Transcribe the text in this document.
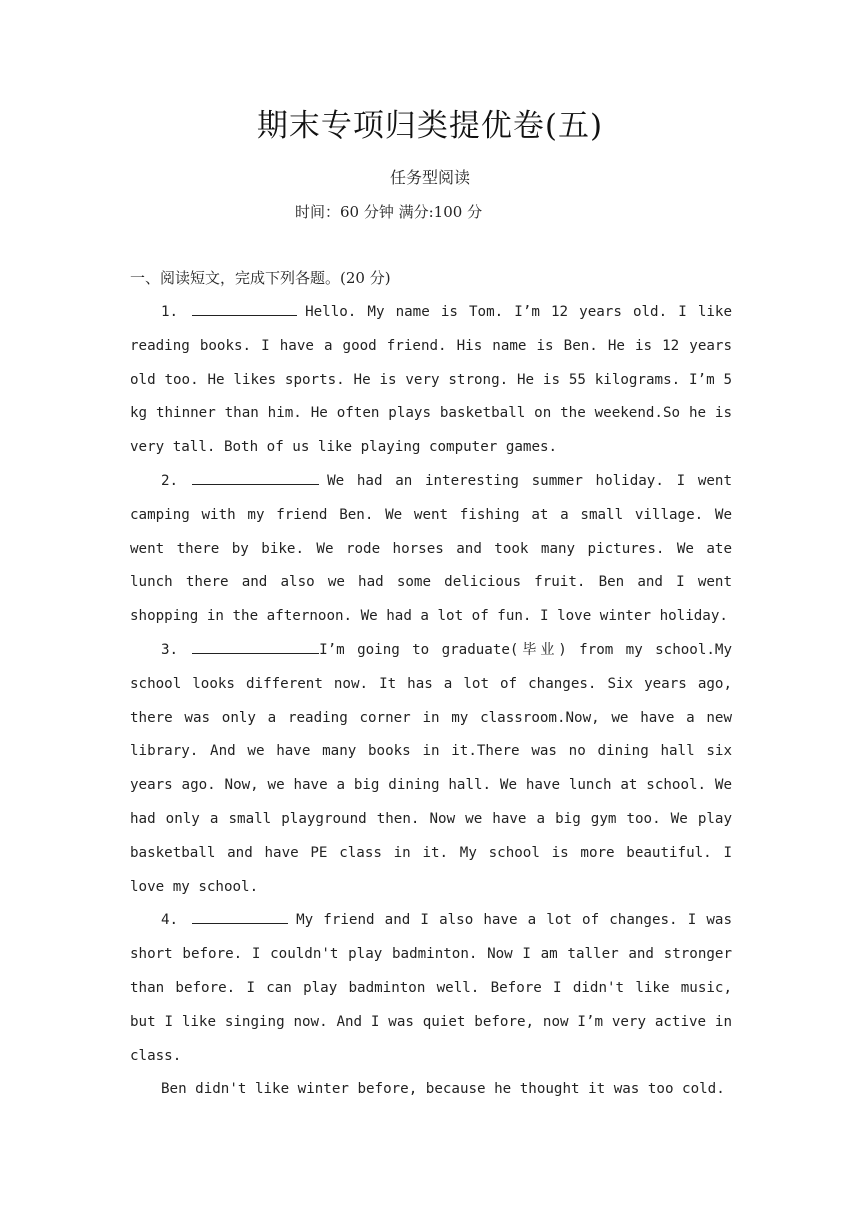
期末专项归类提优卷(五)
任务型阅读
时间：60 分钟 满分:100 分
一、阅读短文，完成下列各题。(20 分)

1.	Hello. My name is Tom. I’m 12 years old. I like reading books. I have a good friend. His name is Ben. He is 12 years old too. He likes sports. He is very strong. He is 55 kilograms. I’m 5 kg thinner than him. He often plays basketball on the weekend.So he is very tall. Both of us like playing computer games.

2.	We had an interesting summer holiday. I went camping with my friend Ben. We went fishing at a small village. We went there by bike. We rode horses and took many pictures. We ate lunch there and also we had some delicious fruit. Ben and I went shopping in the afternoon. We had a lot of fun. I love winter holiday.

3.	I’m going to graduate(毕业) from my school.My school looks different now. It has a lot of changes. Six years ago, there was only a reading corner in my classroom.Now, we have a new library. And we have many books in it.There was no dining hall six years ago. Now, we have a big dining hall. We have lunch at school. We had only a small playground then. Now we have a big gym too. We play basketball and have PE class in it. My school is more beautiful. I love my school.

4.	My friend and I also have a lot of changes. I was short before. I couldn't play badminton. Now I am taller and stronger than before. I can play badminton well. Before I didn't like music, but I like singing now. And I was quiet before, now I’m very active in class.

Ben didn't like winter before, because he thought it was too cold.
